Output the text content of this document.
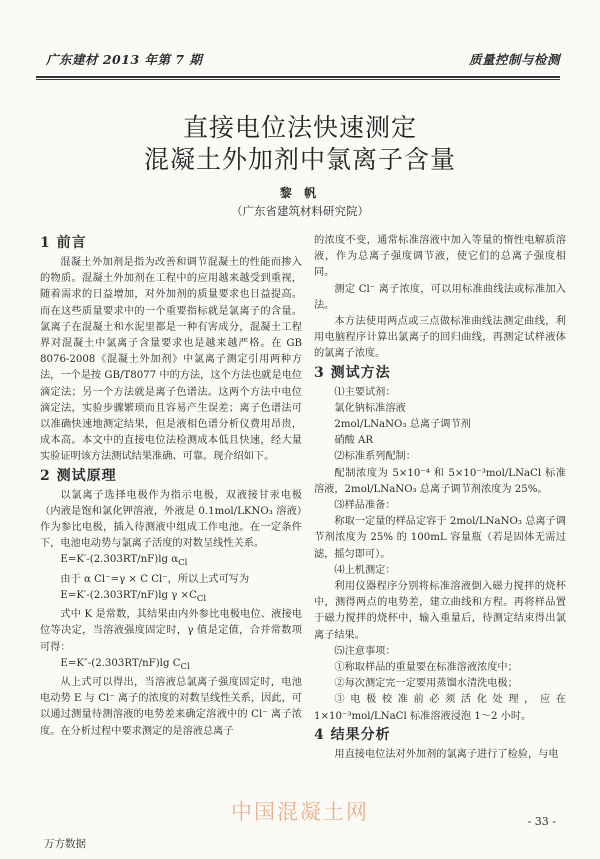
广东建材 2013 年第 7 期	质量控制与检测
直接电位法快速测定
混凝土外加剂中氯离子含量
黎 帆
（广东省建筑材料研究院）
1 前言

混凝土外加剂是指为改善和调节混凝土的性能而掺入的物质。混凝土外加剂在工程中的应用越来越受到重视，随着需求的日益增加，对外加剂的质量要求也日益提高。而在这些质量要求中的一个重要指标就是氯离子的含量。氯离子在混凝土和水泥里都是一种有害成分，混凝土工程界对混凝土中氯离子含量要求也是越来越严格。在 GB 8076-2008《混凝土外加剂》中氯离子测定引用两种方法，一个是按 GB/T8077 中的方法，这个方法也就是电位滴定法；另一个方法就是离子色谱法。这两个方法中电位滴定法，实验步骤繁琐而且容易产生误差；离子色谱法可以准确快速地测定结果，但是液相色谱分析仪费用昂贵，成本高。本文中的直接电位法检测成本低且快速，经大量实验证明该方法测试结果准确、可靠。现介绍如下。

2 测试原理

以氯离子选择电极作为指示电极，双液接甘汞电极（内液是饱和氯化钾溶液，外液是 0.1mol/LKNO₃ 溶液）作为参比电极，插入待测液中组成工作电池。在一定条件下，电池电动势与氯离子活度的对数呈线性关系。

E=K′-(2.303RT/nF)lg $\alpha_{Cl}$

由于 α Cl⁻=γ × C Cl⁻，所以上式可写为

E=K′-(2.303RT/nF)lg $\gamma \times C_{Cl}$

式中 K 是常数，其结果由内外参比电极电位、液接电位等决定，当溶液强度固定时，γ 值是定值，合并常数项可得：

E=K″-(2.303RT/nF)lg $C_{Cl}$

从上式可以得出，当溶液总氯离子强度固定时，电池电动势 E 与 Cl⁻ 离子的浓度的对数呈线性关系，因此，可以通过测量待测溶液的电势差来确定溶液中的 Cl⁻ 离子浓度。在分析过程中要求测定的是溶液总离子

的浓度不变，通常标准溶液中加入等量的惰性电解质溶液，作为总离子强度调节液，使它们的总离子强度相同。

测定 Cl⁻ 离子浓度，可以用标准曲线法或标准加入法。

本方法使用两点或三点做标准曲线法测定曲线，利用电脑程序计算出氯离子的回归曲线，再测定试样液体的氯离子浓度。

3 测试方法

⑴主要试剂：

氯化钠标准溶液

2mol/LNaNO₃ 总离子调节剂

硝酸 AR

⑵标准系列配制：

配制浓度为 5×10⁻⁴ 和 5×10⁻³mol/LNaCl 标准溶液，2mol/LNaNO₃ 总离子调节剂浓度为 25%。

⑶样品准备：

称取一定量的样品定容于 2mol/LNaNO₃ 总离子调节剂浓度为 25% 的 100mL 容量瓶（若是固体无需过滤，摇匀即可）。

⑷上机测定：

利用仪器程序分别将标准溶液倒入磁力搅拌的烧杯中，测得两点的电势差，建立曲线和方程。再将样品置于磁力搅拌的烧杯中，输入重量后，待测定结束得出氯离子结果。

⑸注意事项：

①称取样品的重量要在标准溶液浓度中；

②每次测定完一定要用蒸馏水清洗电极；

③电极校准前必须活化处理，应在 1×10⁻³mol/LNaCl 标准溶液浸泡 1～2 小时。

4 结果分析

用直接电位法对外加剂的氯离子进行了检验，与电

中国混凝土网	- 33 -
万方数据
